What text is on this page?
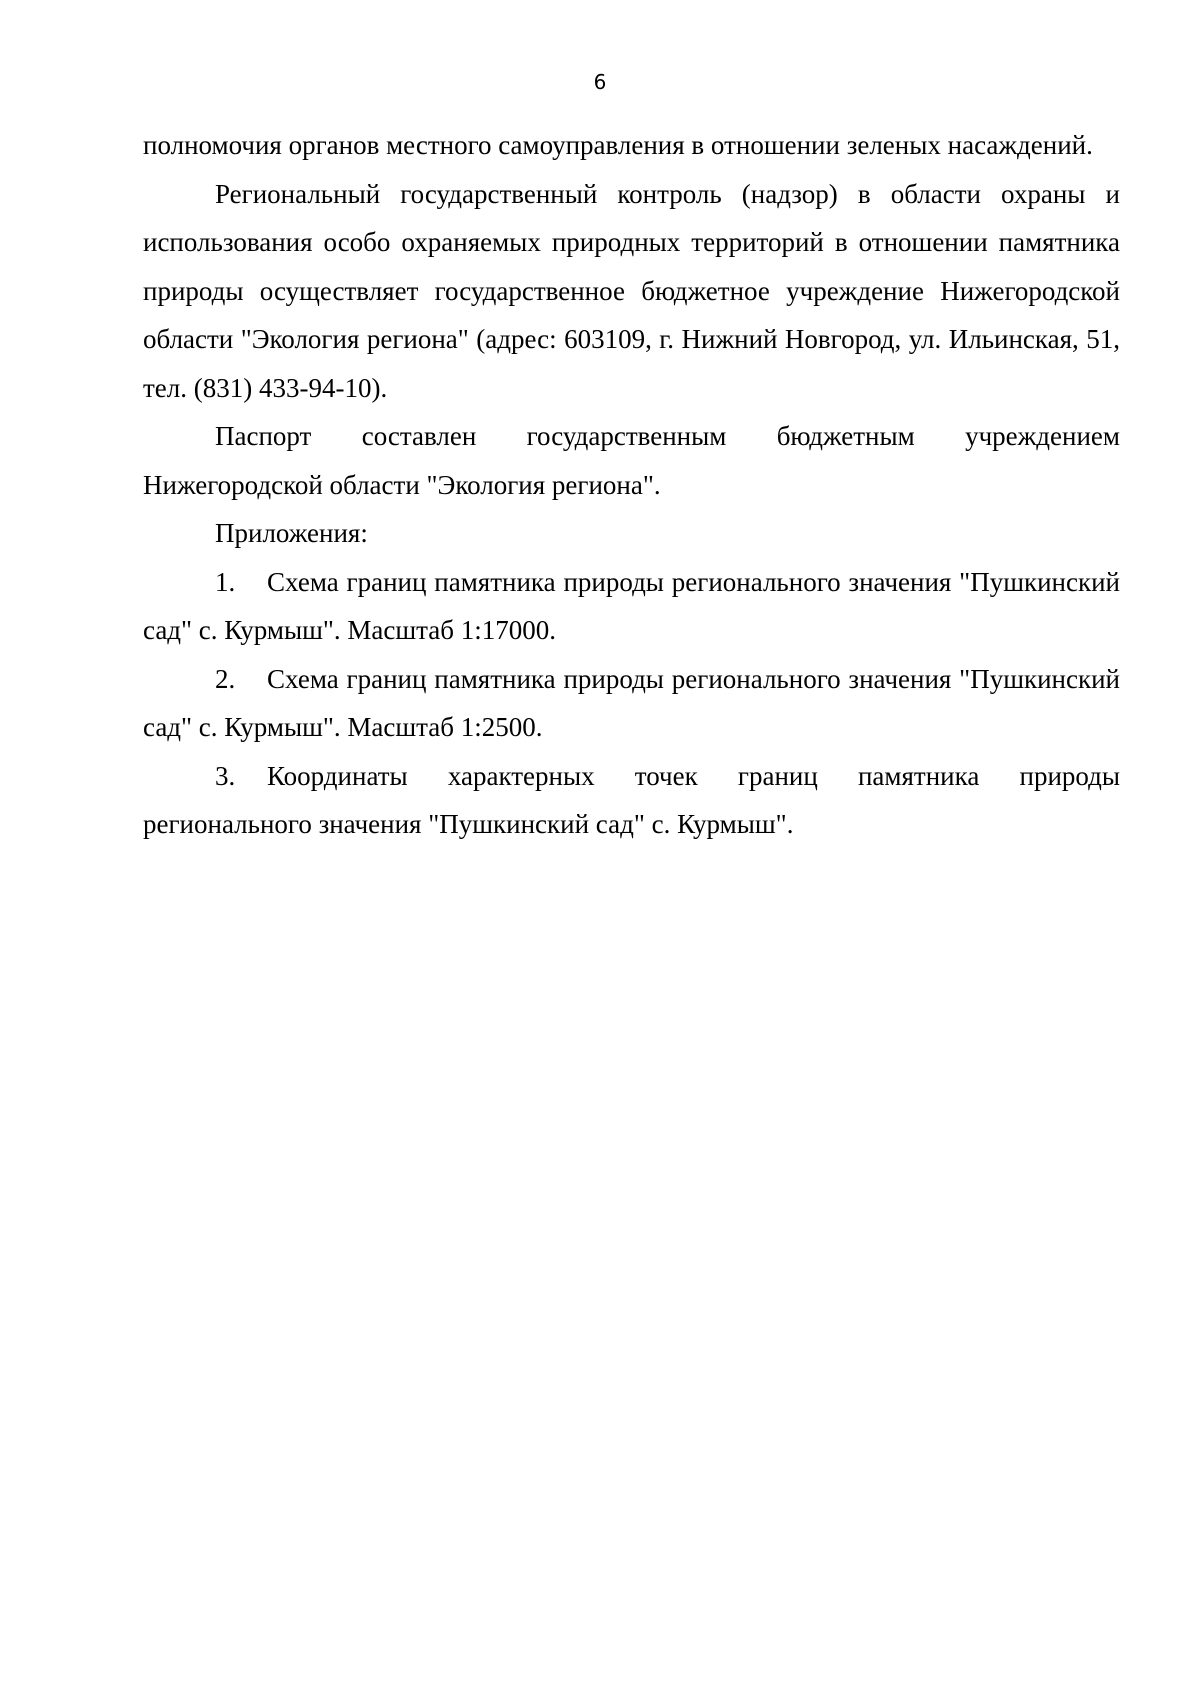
6

полномочия органов местного самоуправления в отношении зеленых насаждений.

Региональный государственный контроль (надзор) в области охраны и использования особо охраняемых природных территорий в отношении памятника природы осуществляет государственное бюджетное учреждение Нижегородской области "Экология региона" (адрес: 603109, г. Нижний Новгород, ул. Ильинская, 51, тел. (831) 433-94-10).

Паспорт составлен государственным бюджетным учреждением Нижегородской области "Экология региона".

Приложения:

1. Схема границ памятника природы регионального значения "Пушкинский сад" с. Курмыш". Масштаб 1:17000.

2. Схема границ памятника природы регионального значения "Пушкинский сад" с. Курмыш". Масштаб 1:2500.

3. Координаты характерных точек границ памятника природы регионального значения "Пушкинский сад" с. Курмыш".
